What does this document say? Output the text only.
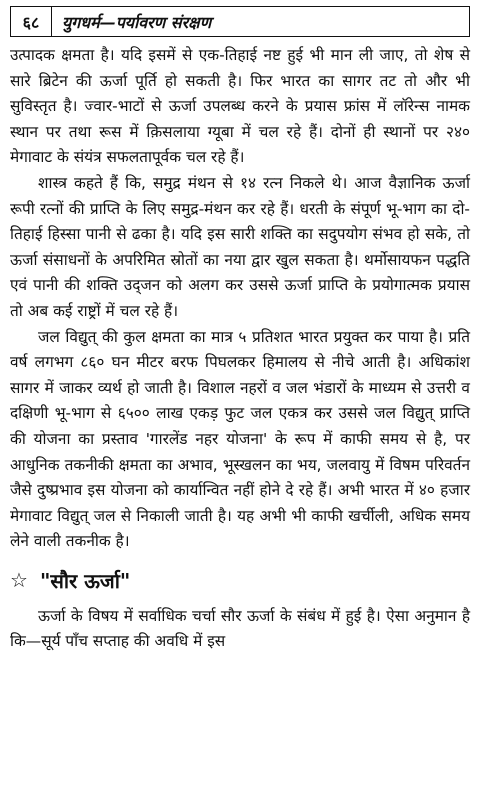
६८	युगधर्म—पर्यावरण संरक्षण

उत्पादक क्षमता है। यदि इसमें से एक-तिहाई नष्ट हुई भी मान ली जाए, तो शेष से सारे ब्रिटेन की ऊर्जा पूर्ति हो सकती है। फिर भारत का सागर तट तो और भी सुविस्तृत है। ज्वार-भाटों से ऊर्जा उपलब्ध करने के प्रयास फ्रांस में लॉरेन्स नामक स्थान पर तथा रूस में क़िसलाया ग्यूबा में चल रहे हैं। दोनों ही स्थानों पर २४० मेगावाट के संयंत्र सफलतापूर्वक चल रहे हैं।

शास्त्र कहते हैं कि, समुद्र मंथन से १४ रत्न निकले थे। आज वैज्ञानिक ऊर्जा रूपी रत्नों की प्राप्ति के लिए समुद्र-मंथन कर रहे हैं। धरती के संपूर्ण भू-भाग का दो-तिहाई हिस्सा पानी से ढका है। यदि इस सारी शक्ति का सदुपयोग संभव हो सके, तो ऊर्जा संसाधनों के अपरिमित स्रोतों का नया द्वार खुल सकता है। थर्मोसायफन पद्धति एवं पानी की शक्ति उद्जन को अलग कर उससे ऊर्जा प्राप्ति के प्रयोगात्मक प्रयास तो अब कई राष्ट्रों में चल रहे हैं।

जल विद्युत् की कुल क्षमता का मात्र ५ प्रतिशत भारत प्रयुक्त कर पाया है। प्रति वर्ष लगभग ८६० घन मीटर बरफ पिघलकर हिमालय से नीचे आती है। अधिकांश सागर में जाकर व्यर्थ हो जाती है। विशाल नहरों व जल भंडारों के माध्यम से उत्तरी व दक्षिणी भू-भाग से ६५०० लाख एकड़ फुट जल एकत्र कर उससे जल विद्युत् प्राप्ति की योजना का प्रस्ताव 'गारलेंड नहर योजना' के रूप में काफी समय से है, पर आधुनिक तकनीकी क्षमता का अभाव, भूस्खलन का भय, जलवायु में विषम परिवर्तन जैसे दुष्प्रभाव इस योजना को कार्यान्वित नहीं होने दे रहे हैं। अभी भारत में ४० हजार मेगावाट विद्युत् जल से निकाली जाती है। यह अभी भी काफी खर्चीली, अधिक समय लेने वाली तकनीक है।

☆ "सौर ऊर्जा"

ऊर्जा के विषय में सर्वाधिक चर्चा सौर ऊर्जा के संबंध में हुई है। ऐसा अनुमान है कि—सूर्य पाँच सप्ताह की अवधि में इस
